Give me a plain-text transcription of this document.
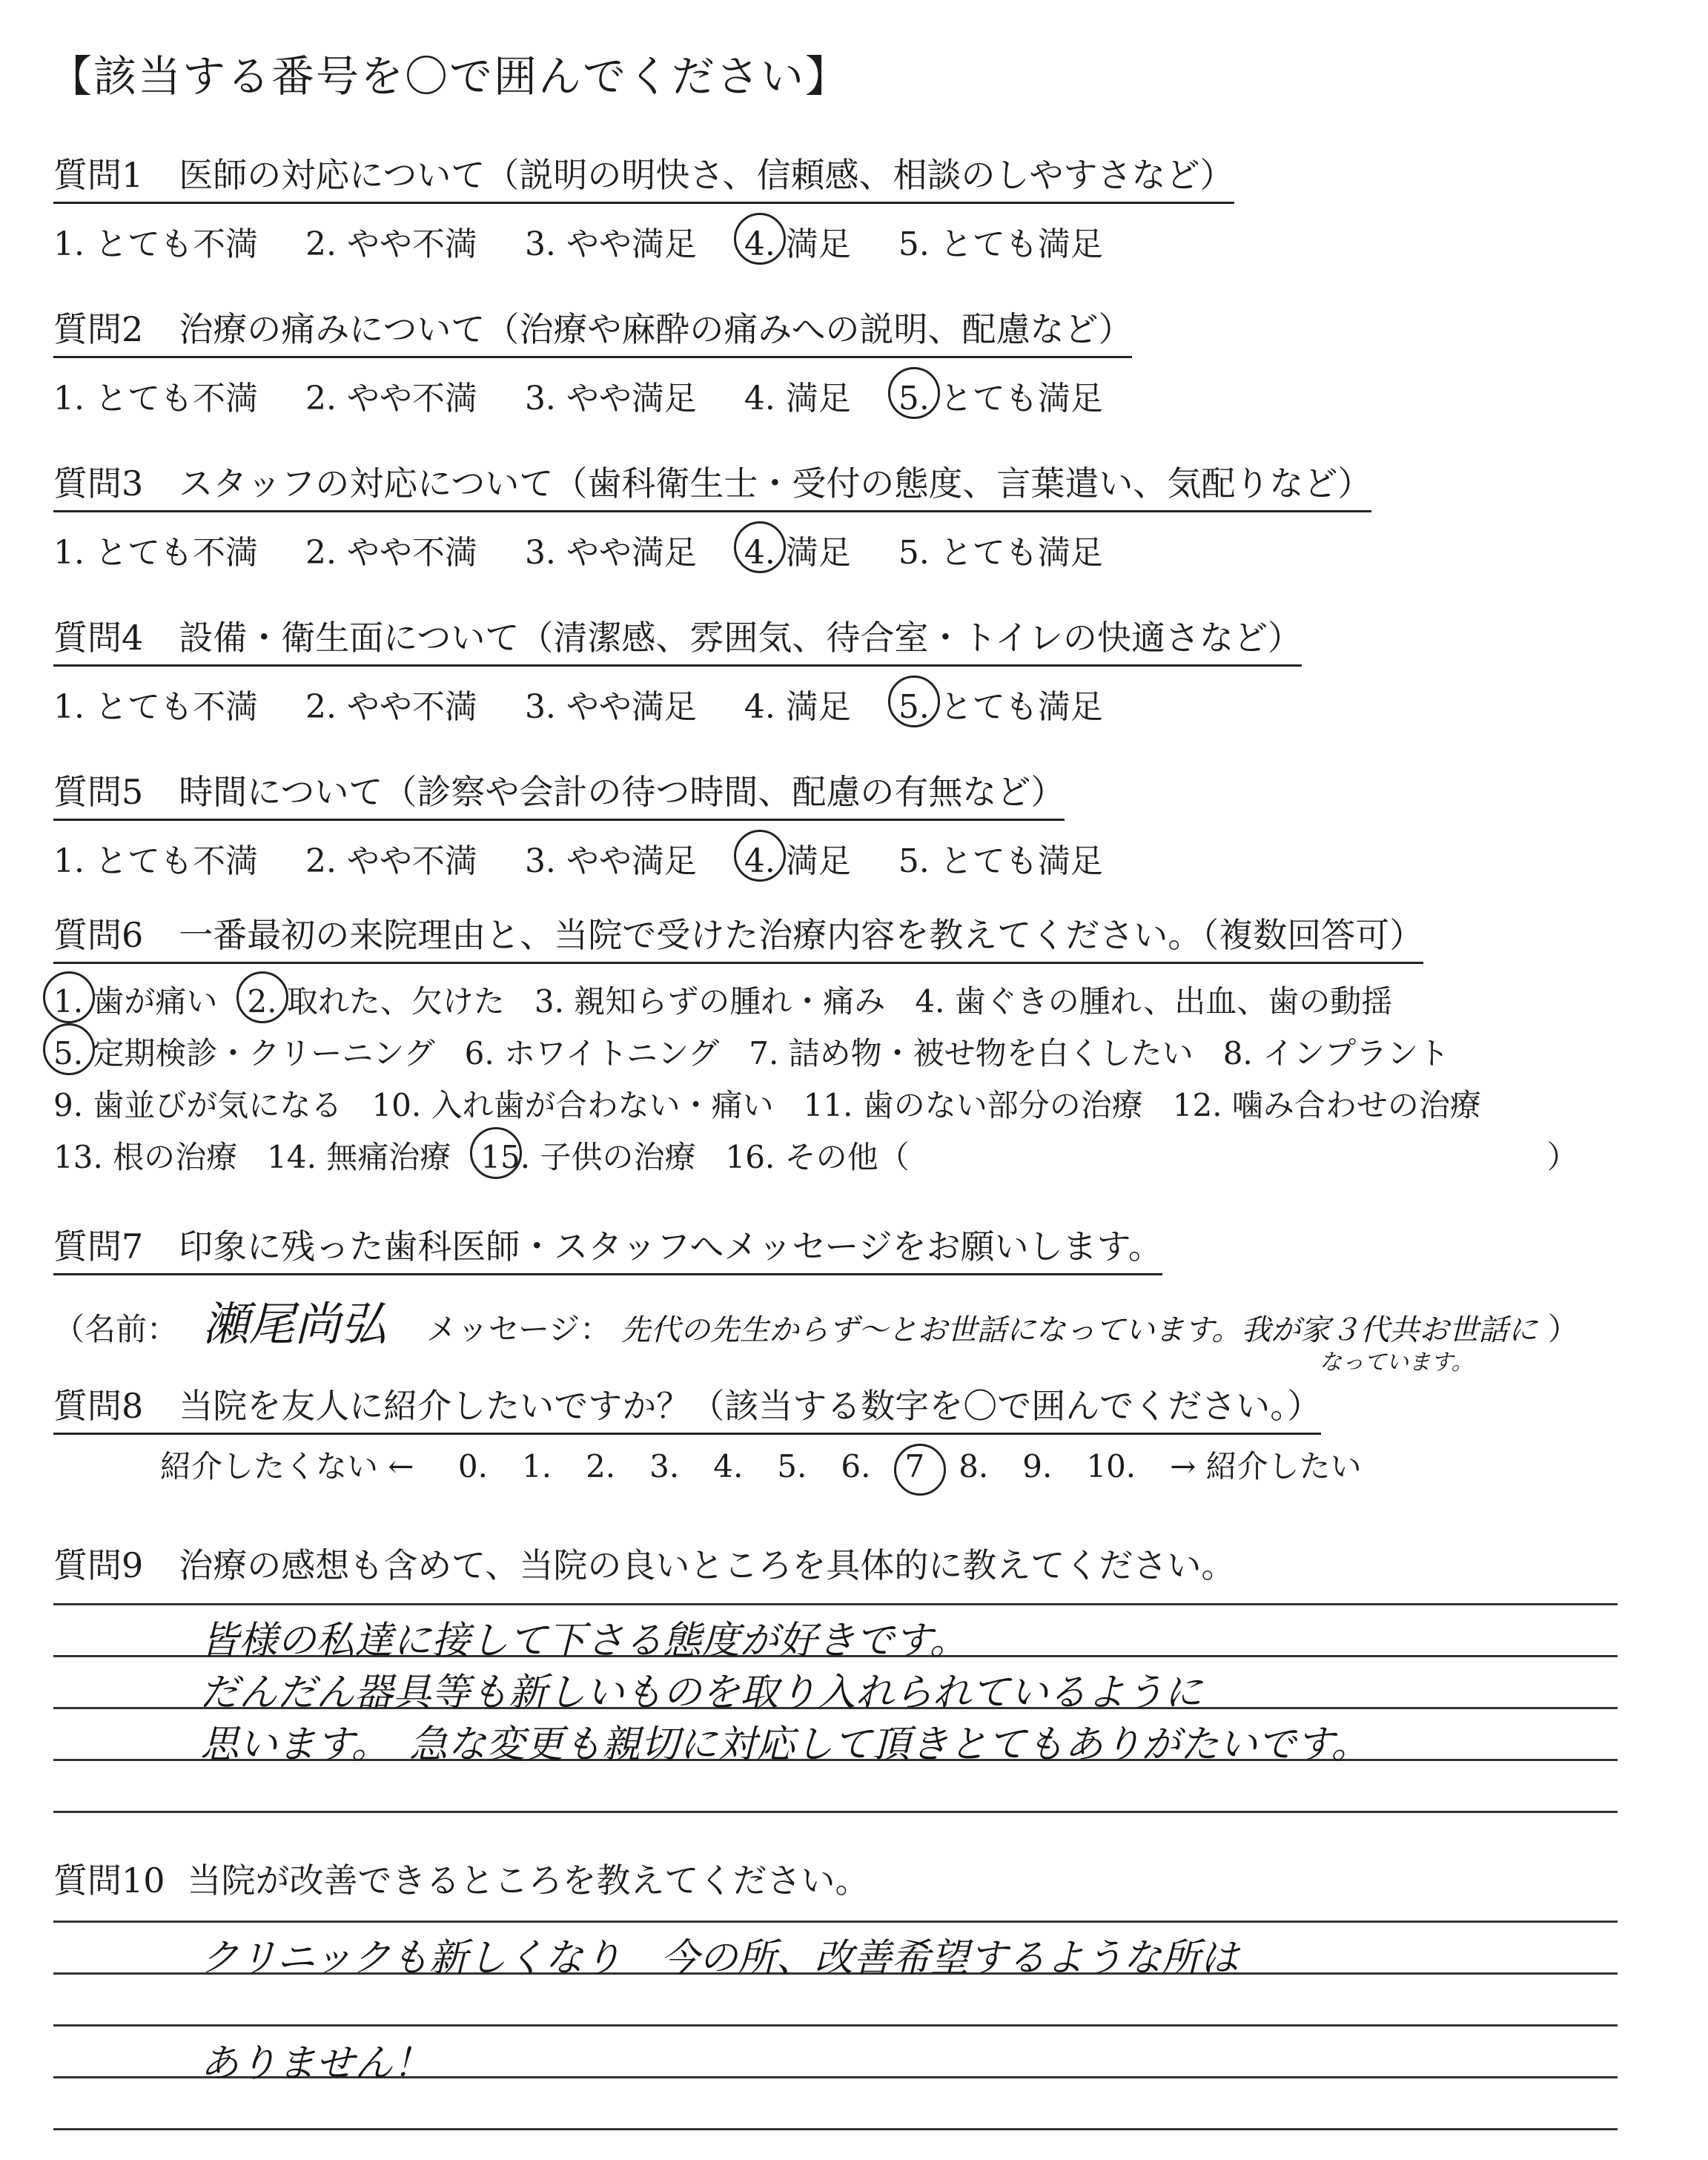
【該当する番号を〇で囲んでください】
質問1 医師の対応について（説明の明快さ、信頼感、相談のしやすさなど）
1. とても不満 2. やや不満 3. やや満足 4. 満足 5. とても満足
質問2 治療の痛みについて（治療や麻酔の痛みへの説明、配慮など）
1. とても不満 2. やや不満 3. やや満足 4. 満足 5. とても満足
質問3 スタッフの対応について（歯科衛生士・受付の態度、言葉遣い、気配りなど）
1. とても不満 2. やや不満 3. やや満足 4. 満足 5. とても満足
質問4 設備・衛生面について（清潔感、雰囲気、待合室・トイレの快適さなど）
1. とても不満 2. やや不満 3. やや満足 4. 満足 5. とても満足
質問5 時間について（診察や会計の待つ時間、配慮の有無など）
1. とても不満 2. やや不満 3. やや満足 4. 満足 5. とても満足
質問6 一番最初の来院理由と、当院で受けた治療内容を教えてください。（複数回答可）
1. 歯が痛い 2. 取れた、欠けた 3. 親知らずの腫れ・痛み 4. 歯ぐきの腫れ、出血、歯の動揺
5. 定期検診・クリーニング 6. ホワイトニング 7. 詰め物・被せ物を白くしたい 8. インプラント
9. 歯並びが気になる 10. 入れ歯が合わない・痛い 11. 歯のない部分の治療 12. 噛み合わせの治療
13. 根の治療 14. 無痛治療 15. 子供の治療 16. その他（	）
質問7 印象に残った歯科医師・スタッフへメッセージをお願いします。
（名前： 瀬尾尚弘 メッセージ： 先代の先生からず〜とお世話になっています。我が家３代共お世話に ）
なっています。
質問8 当院を友人に紹介したいですか？（該当する数字を〇で囲んでください。）
紹介したくない ← 0. 1. 2. 3. 4. 5. 6. 7 8. 9. 10. → 紹介したい
質問9 治療の感想も含めて、当院の良いところを具体的に教えてください。
皆様の私達に接して下さる態度が好きです。
だんだん器具等も新しいものを取り入れられているように
思います。　急な変更も親切に対応して頂きとてもありがたいです。
質問10 当院が改善できるところを教えてください。
クリニックも新しくなり　今の所、改善希望するような所は
ありません！
